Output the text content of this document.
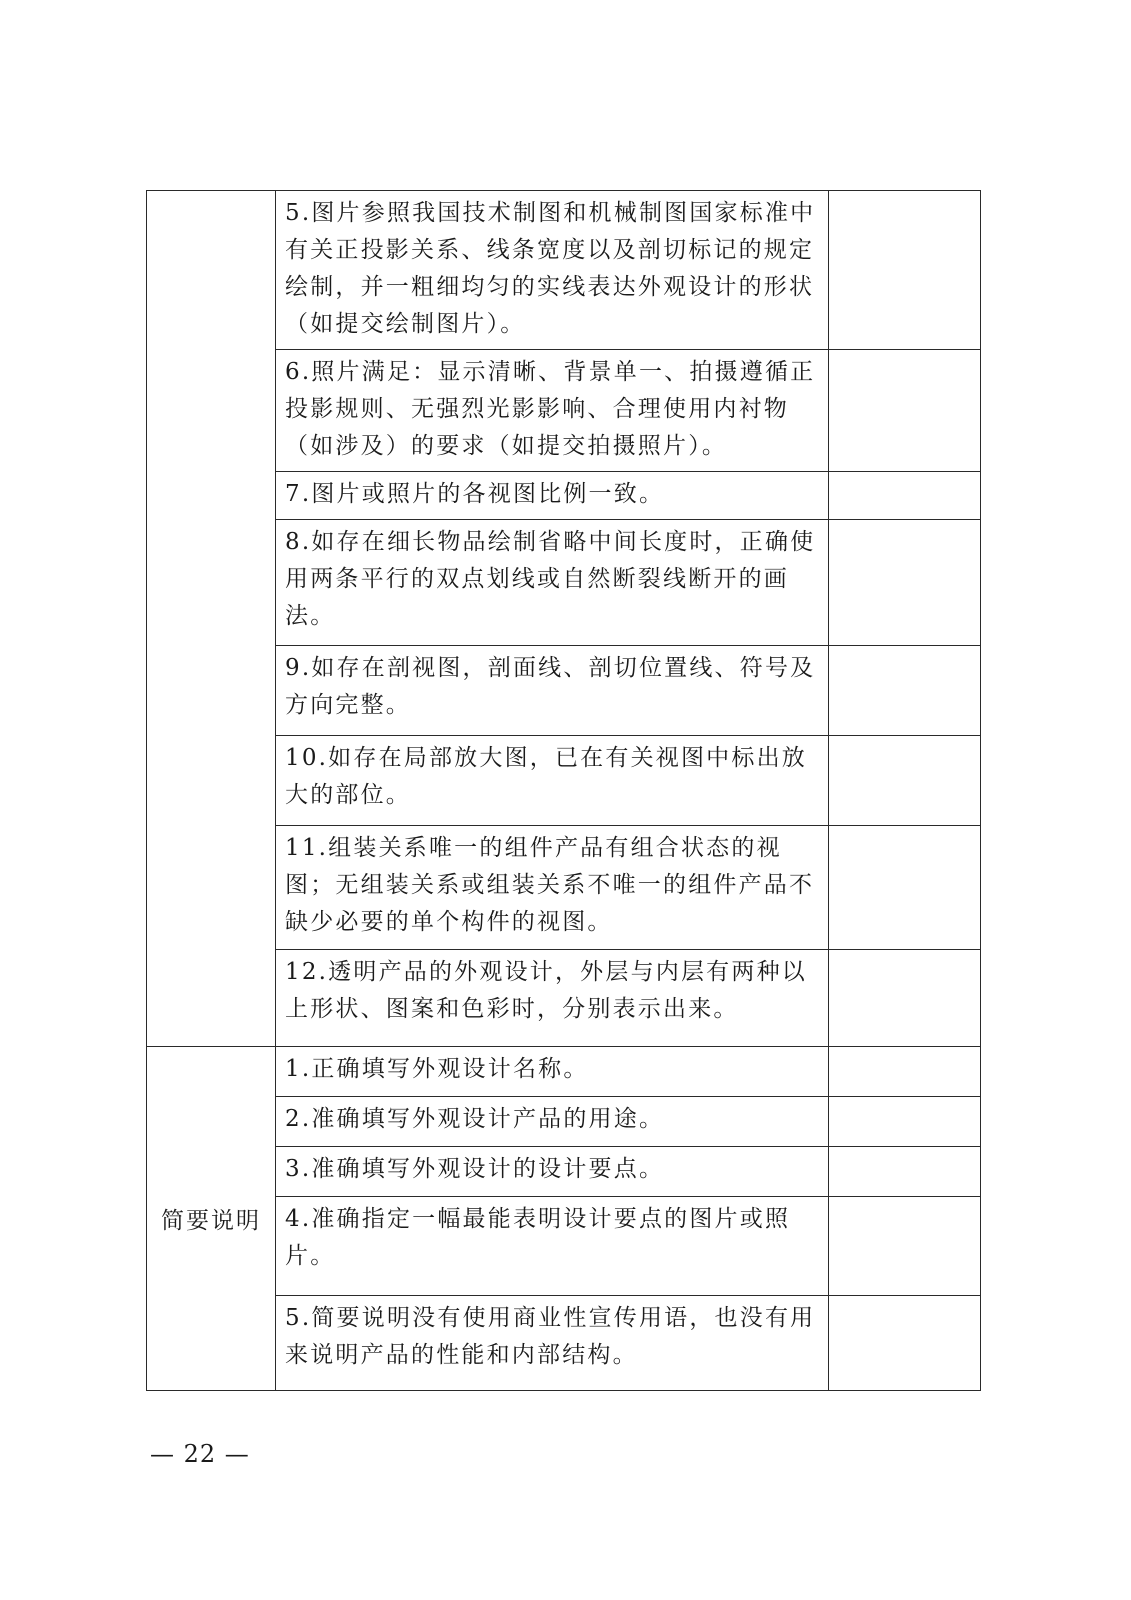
	5.图片参照我国技术制图和机械制图国家标准中有关正投影关系、线条宽度以及剖切标记的规定绘制，并一粗细均匀的实线表达外观设计的形状（如提交绘制图片）。	
	6.照片满足：显示清晰、背景单一、拍摄遵循正投影规则、无强烈光影影响、合理使用内衬物（如涉及）的要求（如提交拍摄照片）。	
	7.图片或照片的各视图比例一致。	
	8.如存在细长物品绘制省略中间长度时，正确使用两条平行的双点划线或自然断裂线断开的画法。	
	9.如存在剖视图，剖面线、剖切位置线、符号及方向完整。	
	10.如存在局部放大图，已在有关视图中标出放大的部位。	
	11.组装关系唯一的组件产品有组合状态的视图；无组装关系或组装关系不唯一的组件产品不缺少必要的单个构件的视图。	
	12.透明产品的外观设计，外层与内层有两种以上形状、图案和色彩时，分别表示出来。	
简要说明	1.正确填写外观设计名称。	
	2.准确填写外观设计产品的用途。	
	3.准确填写外观设计的设计要点。	
	4.准确指定一幅最能表明设计要点的图片或照片。	
	5.简要说明没有使用商业性宣传用语，也没有用来说明产品的性能和内部结构。	
— 22 —
